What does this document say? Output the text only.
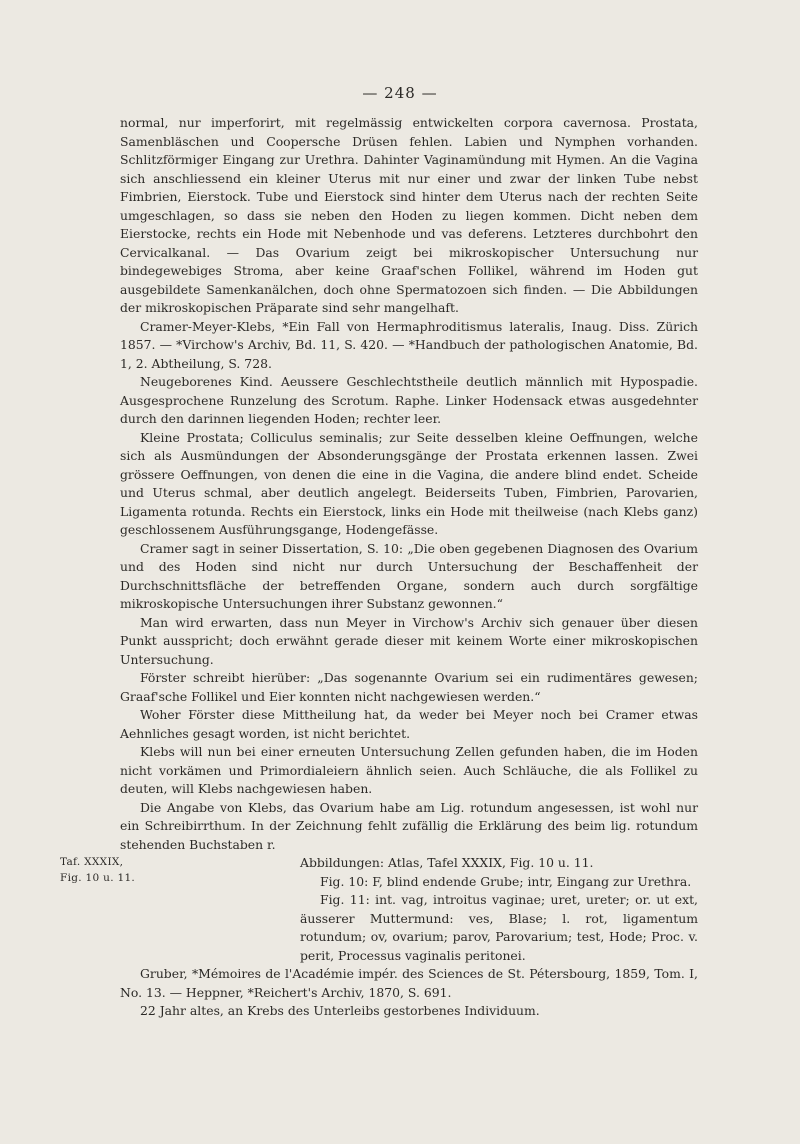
— 248 —

normal, nur imperforirt, mit regelmässig entwickelten corpora cavernosa. Prostata, Samenbläschen und Coopersche Drüsen fehlen. Labien und Nymphen vorhanden. Schlitzförmiger Eingang zur Urethra. Dahinter Vaginamündung mit Hymen. An die Vagina sich anschliessend ein kleiner Uterus mit nur einer und zwar der linken Tube nebst Fimbrien, Eierstock. Tube und Eierstock sind hinter dem Uterus nach der rechten Seite umgeschlagen, so dass sie neben den Hoden zu liegen kommen. Dicht neben dem Eierstocke, rechts ein Hode mit Nebenhode und vas deferens. Letzteres durchbohrt den Cervicalkanal. — Das Ovarium zeigt bei mikroskopischer Untersuchung nur bindegewebiges Stroma, aber keine Graaf'schen Follikel, während im Hoden gut ausgebildete Samenkanälchen, doch ohne Spermatozoen sich finden. — Die Abbildungen der mikroskopischen Präparate sind sehr mangelhaft.

Cramer-Meyer-Klebs, *Ein Fall von Hermaphroditismus lateralis, Inaug. Diss. Zürich 1857. — *Virchow's Archiv, Bd. 11, S. 420. — *Handbuch der pathologischen Anatomie, Bd. 1, 2. Abtheilung, S. 728.

Neugeborenes Kind. Aeussere Geschlechtstheile deutlich männlich mit Hypospadie. Ausgesprochene Runzelung des Scrotum. Raphe. Linker Hodensack etwas ausgedehnter durch den darinnen liegenden Hoden; rechter leer.

Kleine Prostata; Colliculus seminalis; zur Seite desselben kleine Oeffnungen, welche sich als Ausmündungen der Absonderungsgänge der Prostata erkennen lassen. Zwei grössere Oeffnungen, von denen die eine in die Vagina, die andere blind endet. Scheide und Uterus schmal, aber deutlich angelegt. Beiderseits Tuben, Fimbrien, Parovarien, Ligamenta rotunda. Rechts ein Eierstock, links ein Hode mit theilweise (nach Klebs ganz) geschlossenem Ausführungsgange, Hodengefässe.

Cramer sagt in seiner Dissertation, S. 10: „Die oben gegebenen Diagnosen des Ovarium und des Hoden sind nicht nur durch Untersuchung der Beschaffenheit der Durchschnittsfläche der betreffenden Organe, sondern auch durch sorgfältige mikroskopische Untersuchungen ihrer Substanz gewonnen.“

Man wird erwarten, dass nun Meyer in Virchow's Archiv sich genauer über diesen Punkt ausspricht; doch erwähnt gerade dieser mit keinem Worte einer mikroskopischen Untersuchung.

Förster schreibt hierüber: „Das sogenannte Ovarium sei ein rudimentäres gewesen; Graaf'sche Follikel und Eier konnten nicht nachgewiesen werden.“

Woher Förster diese Mittheilung hat, da weder bei Meyer noch bei Cramer etwas Aehnliches gesagt worden, ist nicht berichtet.

Klebs will nun bei einer erneuten Untersuchung Zellen gefunden haben, die im Hoden nicht vorkämen und Primordialeiern ähnlich seien. Auch Schläuche, die als Follikel zu deuten, will Klebs nachgewiesen haben.

Die Angabe von Klebs, das Ovarium habe am Lig. rotundum angesessen, ist wohl nur ein Schreibirrthum. In der Zeichnung fehlt zufällig die Erklärung des beim lig. rotundum stehenden Buchstaben r.

Abbildungen: Atlas, Tafel XXXIX, Fig. 10 u. 11.

Fig. 10: F, blind endende Grube; intr, Eingang zur Urethra.

Fig. 11: int. vag, introitus vaginae; uret, ureter; or. ut ext, äusserer Muttermund: ves, Blase; l. rot, ligamentum rotundum; ov, ovarium; parov, Parovarium; test, Hode; Proc. v. perit, Processus vaginalis peritonei.

Gruber, *Mémoires de l'Académie impér. des Sciences de St. Pétersbourg, 1859, Tom. I, No. 13. — Heppner, *Reichert's Archiv, 1870, S. 691.

22 Jahr altes, an Krebs des Unterleibs gestorbenes Individuum.

Taf. XXXIX,
Fig. 10 u. 11.
